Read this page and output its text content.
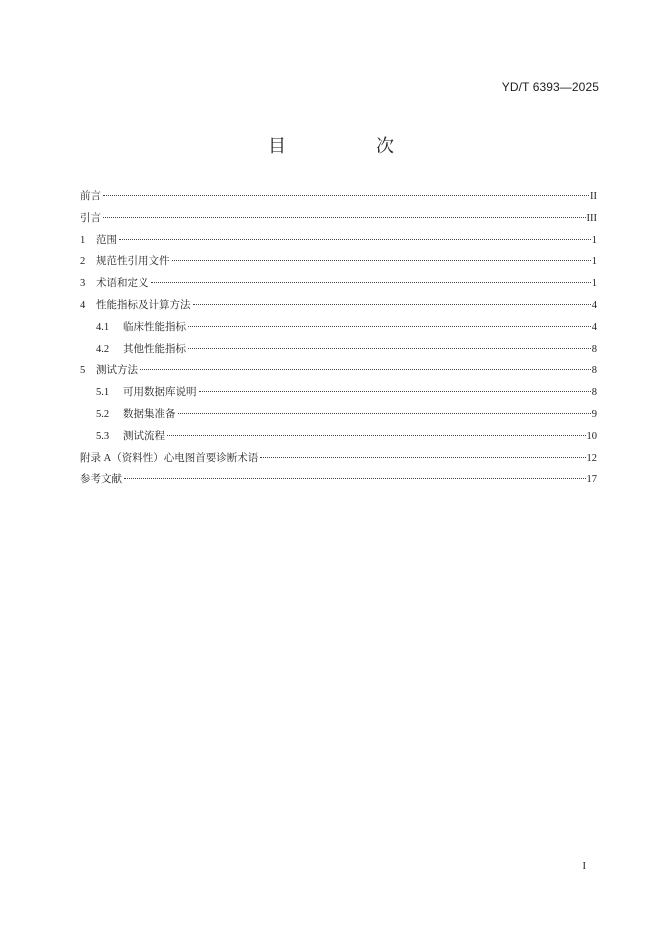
YD/T 6393—2025
目　次
前言	II
引言	III
1	范围	1
2	规范性引用文件	1
3	术语和定义	1
4	性能指标及计算方法	4
4.1	临床性能指标	4
4.2	其他性能指标	8
5	测试方法	8
5.1	可用数据库说明	8
5.2	数据集准备	9
5.3	测试流程	10
附录 A（资料性）心电图首要诊断术语	12
参考文献	17
I
